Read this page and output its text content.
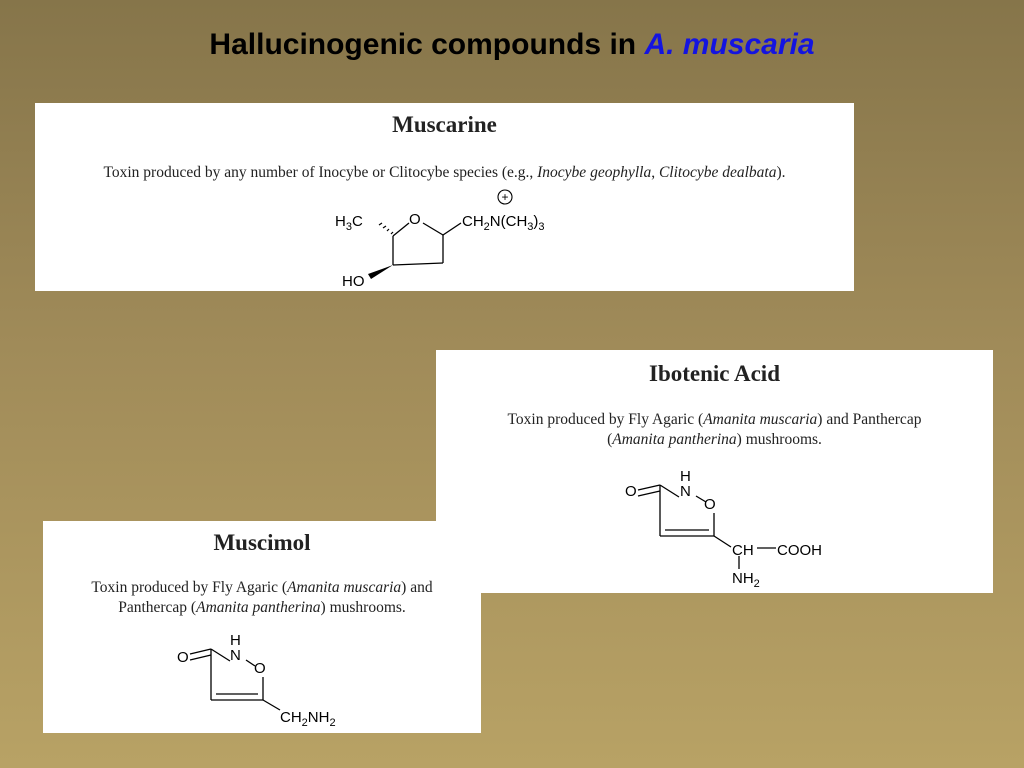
Hallucinogenic compounds in A. muscaria
Muscarine
Toxin produced by any number of Inocybe or Clitocybe species (e.g., Inocybe geophylla, Clitocybe dealbata).
$H_3C$	O	$CH_2N(CH_3)_3$
+
HO
Ibotenic Acid
Toxin produced by Fly Agaric (Amanita muscaria) and Panthercap
(Amanita pantherina) mushrooms.
O
H
N
O
CH COOH
$NH_2$
Muscimol
Toxin produced by Fly Agaric (Amanita muscaria) and
Panthercap (Amanita pantherina) mushrooms.
O
H
N
O
$CH_2NH_2$
